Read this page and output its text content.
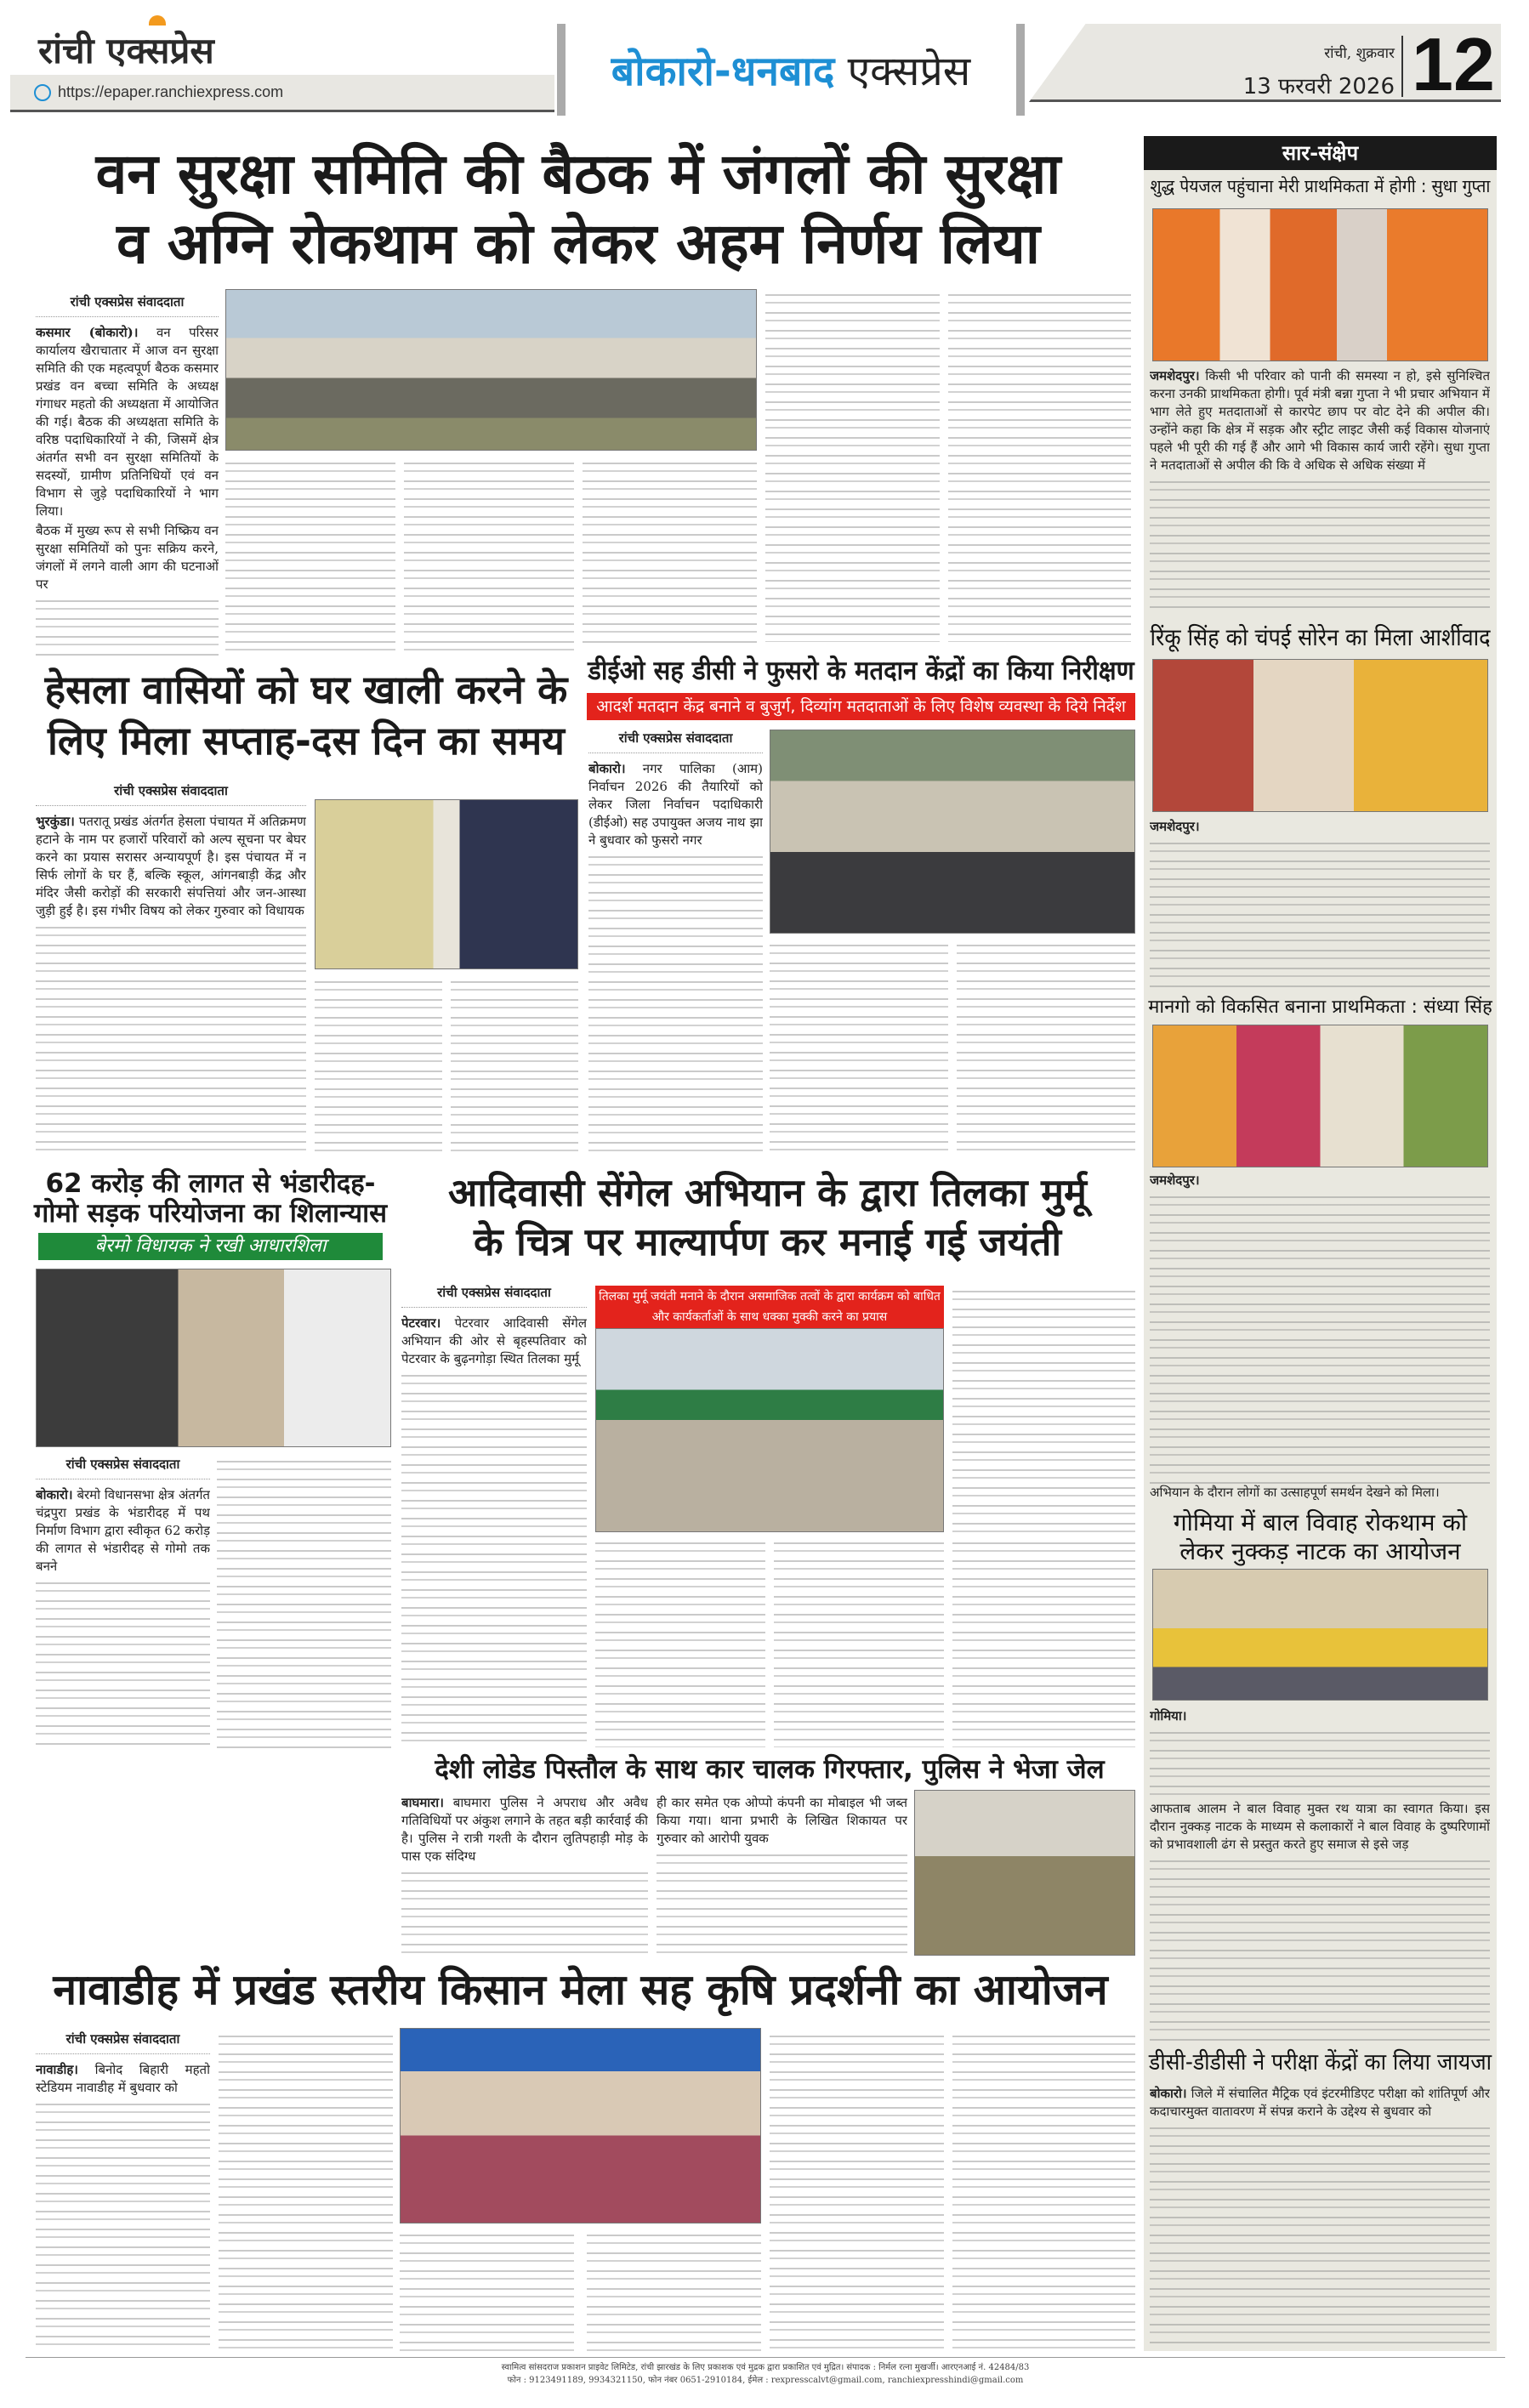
रांची एक्सप्रेस
https://epaper.ranchiexpress.com	बोकारो-धनबाद
एक्सप्रेस	रांची, शुक्रवार
13 फरवरी 2026 12
वन सुरक्षा समिति की बैठक में जंगलों की सुरक्षा
व अग्नि रोकथाम को लेकर अहम निर्णय लिया
रांची एक्सप्रेस संवाददाता

कसमार (बोकारो)। वन परिसर कार्यालय खैराचातार में आज वन सुरक्षा समिति की एक महत्वपूर्ण बैठक कसमार प्रखंड वन बच्चा समिति के अध्यक्ष गंगाधर महतो की अध्यक्षता में आयोजित की गई। बैठक की अध्यक्षता समिति के वरिष्ठ पदाधिकारियों ने की, जिसमें क्षेत्र अंतर्गत सभी वन सुरक्षा समितियों के सदस्यों, ग्रामीण प्रतिनिधियों एवं वन विभाग से जुड़े पदाधिकारियों ने भाग लिया।

बैठक में मुख्य रूप से सभी निष्क्रिय वन सुरक्षा समितियों को पुनः सक्रिय करने, जंगलों में लगने वाली आग की घटनाओं पर

हेसला वासियों को घर खाली करने के लिए मिला सप्ताह-दस दिन का समय
रांची एक्सप्रेस संवाददाता

भुरकुंडा। पतरातू प्रखंड अंतर्गत हेसला पंचायत में अतिक्रमण हटाने के नाम पर हजारों परिवारों को अल्प सूचना पर बेघर करने का प्रयास सरासर अन्यायपूर्ण है। इस पंचायत में न सिर्फ लोगों के घर हैं, बल्कि स्कूल, आंगनबाड़ी केंद्र और मंदिर जैसी करोड़ों की सरकारी संपत्तियां और जन-आस्था जुड़ी हुई है। इस गंभीर विषय को लेकर गुरुवार को विधायक

डीईओ सह डीसी ने फुसरो के मतदान केंद्रों का किया निरीक्षण
आदर्श मतदान केंद्र बनाने व बुजुर्ग, दिव्यांग मतदाताओं के लिए विशेष व्यवस्था के दिये निर्देश
रांची एक्सप्रेस संवाददाता

बोकारो। नगर पालिका (आम) निर्वाचन 2026 की तैयारियों को लेकर जिला निर्वाचन पदाधिकारी (डीईओ) सह उपायुक्त अजय नाथ झा ने बुधवार को फुसरो नगर

62 करोड़ की लागत से भंडारीदह-गोमो सड़क परियोजना का शिलान्यास
बेरमो विधायक ने रखी आधारशिला
रांची एक्सप्रेस संवाददाता

बोकारो। बेरमो विधानसभा क्षेत्र अंतर्गत चंद्रपुरा प्रखंड के भंडारीदह में पथ निर्माण विभाग द्वारा स्वीकृत 62 करोड़ की लागत से भंडारीदह से गोमो तक बनने

आदिवासी सेंगेल अभियान के द्वारा तिलका मुर्मू
के चित्र पर माल्यार्पण कर मनाई गई जयंती
रांची एक्सप्रेस संवाददाता

पेटरवार। पेटरवार आदिवासी सेंगेल अभियान की ओर से बृहस्पतिवार को पेटरवार के बुढ़नगोड़ा स्थित तिलका मुर्मू

तिलका मुर्मू जयंती मनाने के दौरान असमाजिक तत्वों के द्वारा कार्यक्रम को बाधित और कार्यकर्ताओं के साथ धक्का मुक्की करने का प्रयास
देशी लोडेड पिस्तौल के साथ कार चालक गिरफ्तार, पुलिस ने भेजा जेल

बाघमारा। बाघमारा पुलिस ने अपराध और अवैध गतिविधियों पर अंकुश लगाने के तहत बड़ी कार्रवाई की है। पुलिस ने रात्री गश्ती के दौरान लुतिपहाड़ी मोड़ के पास एक संदिग्ध

ही कार समेत एक ओप्पो कंपनी का मोबाइल भी जब्त किया गया। थाना प्रभारी के लिखित शिकायत पर गुरुवार को आरोपी युवक

नावाडीह में प्रखंड स्तरीय किसान मेला सह कृषि प्रदर्शनी का आयोजन
रांची एक्सप्रेस संवाददाता

नावाडीह। बिनोद बिहारी महतो स्टेडियम नावाडीह में बुधवार को

सार-संक्षेप
शुद्ध पेयजल पहुंचाना मेरी प्राथमिकता में होगी : सुधा गुप्ता

जमशेदपुर। किसी भी परिवार को पानी की समस्या न हो, इसे सुनिश्चित करना उनकी प्राथमिकता होगी। पूर्व मंत्री बन्ना गुप्ता ने भी प्रचार अभियान में भाग लेते हुए मतदाताओं से कारपेट छाप पर वोट देने की अपील की। उन्होंने कहा कि क्षेत्र में सड़क और स्ट्रीट लाइट जैसी कई विकास योजनाएं पहले भी पूरी की गई हैं और आगे भी विकास कार्य जारी रहेंगे। सुधा गुप्ता ने मतदाताओं से अपील की कि वे अधिक से अधिक संख्या में

रिंकू सिंह को चंपई सोरेन का मिला आर्शीवाद

जमशेदपुर।

मानगो को विकसित बनाना प्राथमिकता : संध्या सिंह

जमशेदपुर।

अभियान के दौरान लोगों का उत्साहपूर्ण समर्थन देखने को मिला।

गोमिया में बाल विवाह रोकथाम को लेकर नुक्कड़ नाटक का आयोजन

गोमिया।

आफताब आलम ने बाल विवाह मुक्त रथ यात्रा का स्वागत किया। इस दौरान नुक्कड़ नाटक के माध्यम से कलाकारों ने बाल विवाह के दुष्परिणामों को प्रभावशाली ढंग से प्रस्तुत करते हुए समाज से इसे जड़

डीसी-डीडीसी ने परीक्षा केंद्रों का लिया जायजा

बोकारो। जिले में संचालित मैट्रिक एवं इंटरमीडिएट परीक्षा को शांतिपूर्ण और कदाचारमुक्त वातावरण में संपन्न कराने के उद्देश्य से बुधवार को

स्वामित्व सांसदराज प्रकाशन प्राइवेट लिमिटेड, रांची झारखंड के लिए प्रकाशक एवं मुद्रक द्वारा प्रकाशित एवं मुद्रित। संपादक : निर्मल रत्ना मुखर्जी। आरएनआई नं. 42484/83
फोन : 9123491189, 9934321150, फोन नंबर 0651-2910184, ईमेल : rexpresscalvt@gmail.com, ranchiexpresshindi@gmail.com
